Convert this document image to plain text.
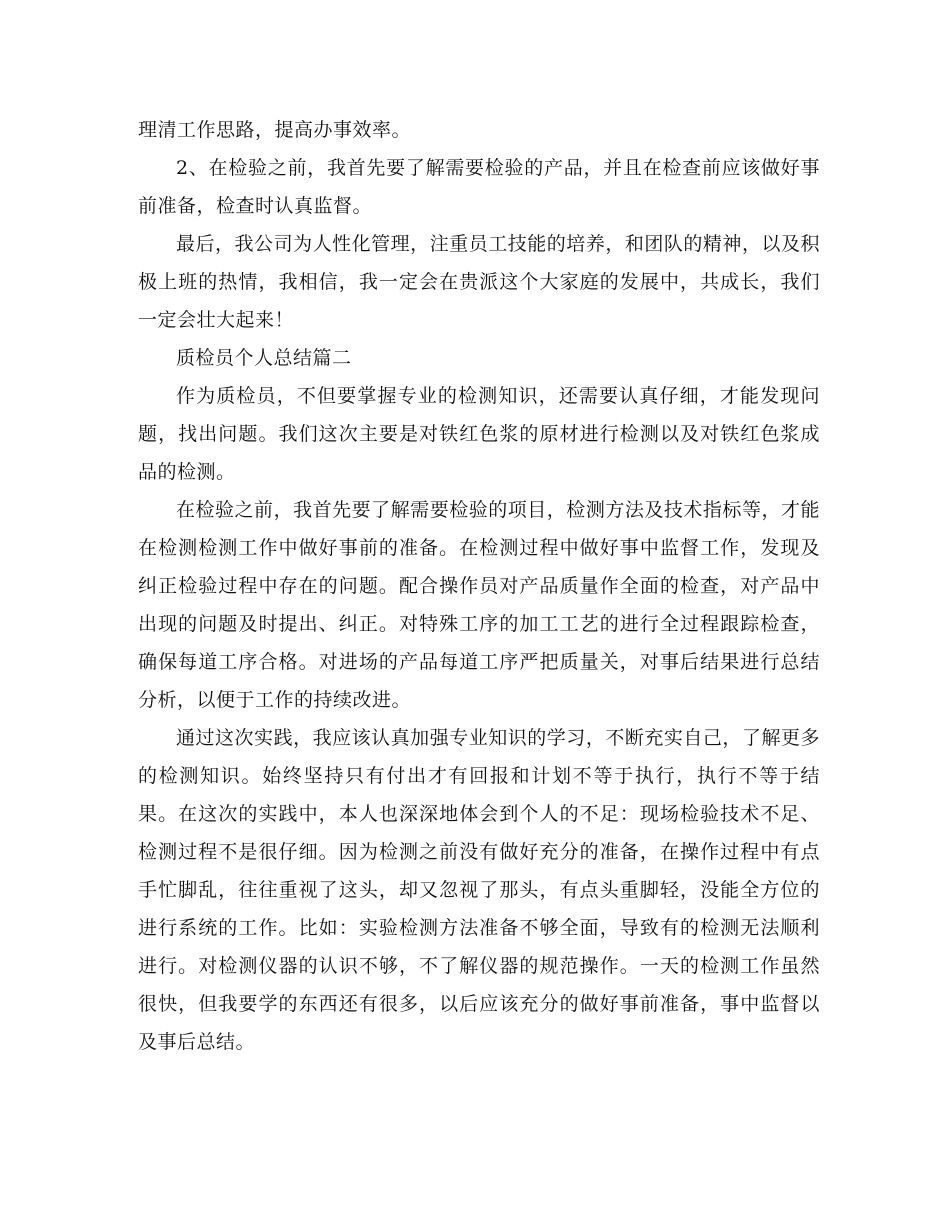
理清工作思路，提高办事效率。

2、在检验之前，我首先要了解需要检验的产品，并且在检查前应该做好事前准备，检查时认真监督。

最后，我公司为人性化管理，注重员工技能的培养，和团队的精神，以及积极上班的热情，我相信，我一定会在贵派这个大家庭的发展中，共成长，我们一定会壮大起来！

质检员个人总结篇二

作为质检员，不但要掌握专业的检测知识，还需要认真仔细，才能发现问题，找出问题。我们这次主要是对铁红色浆的原材进行检测以及对铁红色浆成品的检测。

在检验之前，我首先要了解需要检验的项目，检测方法及技术指标等，才能在检测检测工作中做好事前的准备。在检测过程中做好事中监督工作，发现及纠正检验过程中存在的问题。配合操作员对产品质量作全面的检查，对产品中出现的问题及时提出、纠正。对特殊工序的加工工艺的进行全过程跟踪检查，确保每道工序合格。对进场的产品每道工序严把质量关，对事后结果进行总结分析，以便于工作的持续改进。

通过这次实践，我应该认真加强专业知识的学习，不断充实自己，了解更多的检测知识。始终坚持只有付出才有回报和计划不等于执行，执行不等于结果。在这次的实践中，本人也深深地体会到个人的不足：现场检验技术不足、检测过程不是很仔细。因为检测之前没有做好充分的准备，在操作过程中有点手忙脚乱，往往重视了这头，却又忽视了那头，有点头重脚轻，没能全方位的进行系统的工作。比如：实验检测方法准备不够全面，导致有的检测无法顺利进行。对检测仪器的认识不够，不了解仪器的规范操作。一天的检测工作虽然很快，但我要学的东西还有很多，以后应该充分的做好事前准备，事中监督以及事后总结。
